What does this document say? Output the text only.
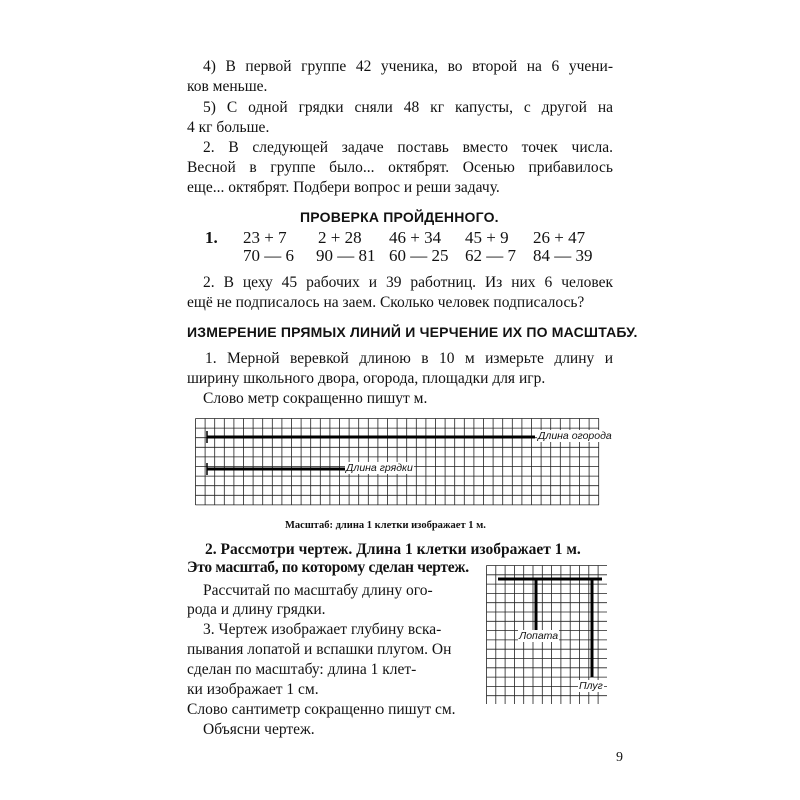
4) В первой группе 42 ученика, во второй на 6 учени-
ков меньше.
5) С одной грядки сняли 48 кг капусты, с другой на
4 кг больше.
2. В следующей задаче поставь вместо точек числа.
Весной в группе было... октябрят. Осенью прибавилось
еще... октябрят. Подбери вопрос и реши задачу.
ПРОВЕРКА ПРОЙДЕННОГО.
1. 23 + 7 2 + 28 46 + 34 45 + 9 26 + 47
70 — 6 90 — 81 60 — 25 62 — 7 84 — 39
2. В цеху 45 рабочих и 39 работниц. Из них 6 человек
ещё не подписалось на заем. Сколько человек подписалось?
ИЗМЕРЕНИЕ ПРЯМЫХ ЛИНИЙ И ЧЕРЧЕНИЕ ИХ ПО МАСШТАБУ.
1. Мерной веревкой длиною в 10 м измерьте длину и
ширину школьного двора, огорода, площадки для игр.
Слово метр сокращенно пишут м.
Длина огорода
Длина грядки
Масштаб: длина 1 клетки изображает 1 м.
2. Рассмотри чертеж. Длина 1 клетки изображает 1 м.
Это масштаб, по которому сделан чертеж.
Рассчитай по масштабу длину ого-
рода и длину грядки.
3. Чертеж изображает глубину вска-
пывания лопатой и вспашки плугом. Он
сделан по масштабу: длина 1 клет-
ки изображает 1 см.
Слово сантиметр сокращенно пишут см.
Объясни чертеж.
Лопата
Плуг
9
